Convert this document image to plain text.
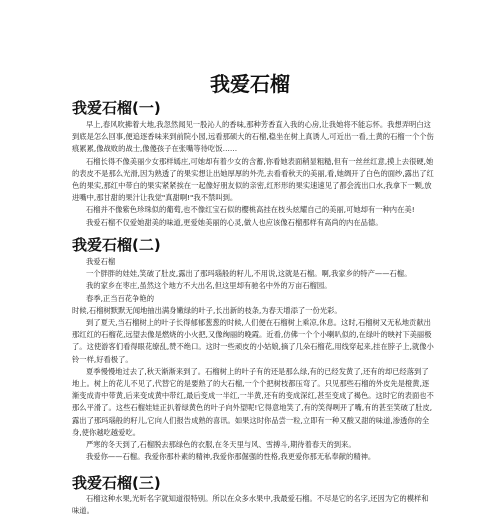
我爱石榴
我爱石榴(一)

早上,春风吹拂着大地,我忽然闻见一股沁人的香味,那种芳香直入我的心房,让我她将不能忘怀。我想弄明白这到底是怎么回事,便追逐香味来到前院小园,远看那硕大的石榴,稳坐在树上真诱人,可近出一看,土黄的石榴一个个伤痕累累,像战败的战士,像傻孩子在张嘴等待吃饭……

石榴长得不像美丽少女那样嫣庄,可她却有着少女的含蓄,你看她表面稍显粗糙,但有一丝丝红意,摸上去很硬,她的表皮不是那么光滑,因为熟透了的果实想让出她厚厚的外壳,去看看秋天的美丽,看,她绸开了白色的面纱,露出了红色的果实,那红中带白的果实紧紧挨在一起像好朋友似的亲密,红形形的果实速速见了都会流出口水,我拿下一颗,放进嘴中,那甘甜的果汁让我觉"真甜啊!"我不禁叫到。

石榴并不像紫色珍珠似的葡萄,也不像红宝石似的樱桃高挂在枝头炫耀自己的美丽,可她却有一种内在美!

我爱石榴不仅爱她甜美的味道,更爱她美丽的心灵,做人也应该像石榴那样有高尚的内在品德。

我爱石榴(二)

我爱石榴

一个胖胖的娃娃,笑破了肚皮,露出了那玛瑙般的籽儿,不用说,这就是石榴。啊,我家乡的特产——石榴。

我的家乡在枣庄,虽然这个地方不大出名,但这里却有驰名中外的万亩石榴园。

春季,正当百花争艳的

时候,石榴树默默无闻地抽出满身嫩绿的叶子,长出新的枝条,为春天增添了一份光彩。

到了夏天,当石榴树上的叶子长得郁郁葱葱的时候,人们便在石榴树上乘凉,休息。这时,石榴树又无私地贡献出那红红的石榴花,远望去像是燃烧的小火把,又像绚丽的晚霞。近看,仿佛一个个小喇叭似的,在绿叶的映衬下美丽极了。这使游客们看得眼花缭乱,赞不绝口。这时一些顽皮的小姑娘,摘了几朵石榴花,用线穿起来,挂在脖子上,就像小铃一样,好看极了。

夏季慢慢地过去了,秋天渐渐来到了。石榴树上的叶子有的还是那么绿,有的已经发黄了,还有的却已经落到了地上。树上的花儿不见了,代替它的是要熟了的大石榴,一个个把树枝都压弯了。只见那些石榴的外皮先是橙黄,逐渐变成青中带黄,后来变成黄中带红,最后变成一半红,一半黄,还有的变成深红,甚至变成了褐色。这时它的表面也不那么平滑了。这些石榴娃娃正扒着绿黄色的叶子向外望呢!它得意地笑了,有的笑得咧开了嘴,有的甚至笑破了肚皮,露出了那玛瑙般的籽儿,它向人们报告成熟的喜讯。如果这时你品尝一粒,立即有一种又酸又甜的味道,渗透你的全身,使你越吃越爱吃。

严寒的冬天到了,石榴脱去那绿色的衣服,在冬天里与风、雪搏斗,期待着春天的到来。

我爱你——石榴。我爱你那朴素的精神,我爱你那倔强的性格,我更爱你那无私奉献的精神。

我爱石榴(三)

石榴这种水果,光听名字就知道很特别。所以在众多水果中,我最爱石榴。不尽是它的名字,还因为它的模样和味道。
